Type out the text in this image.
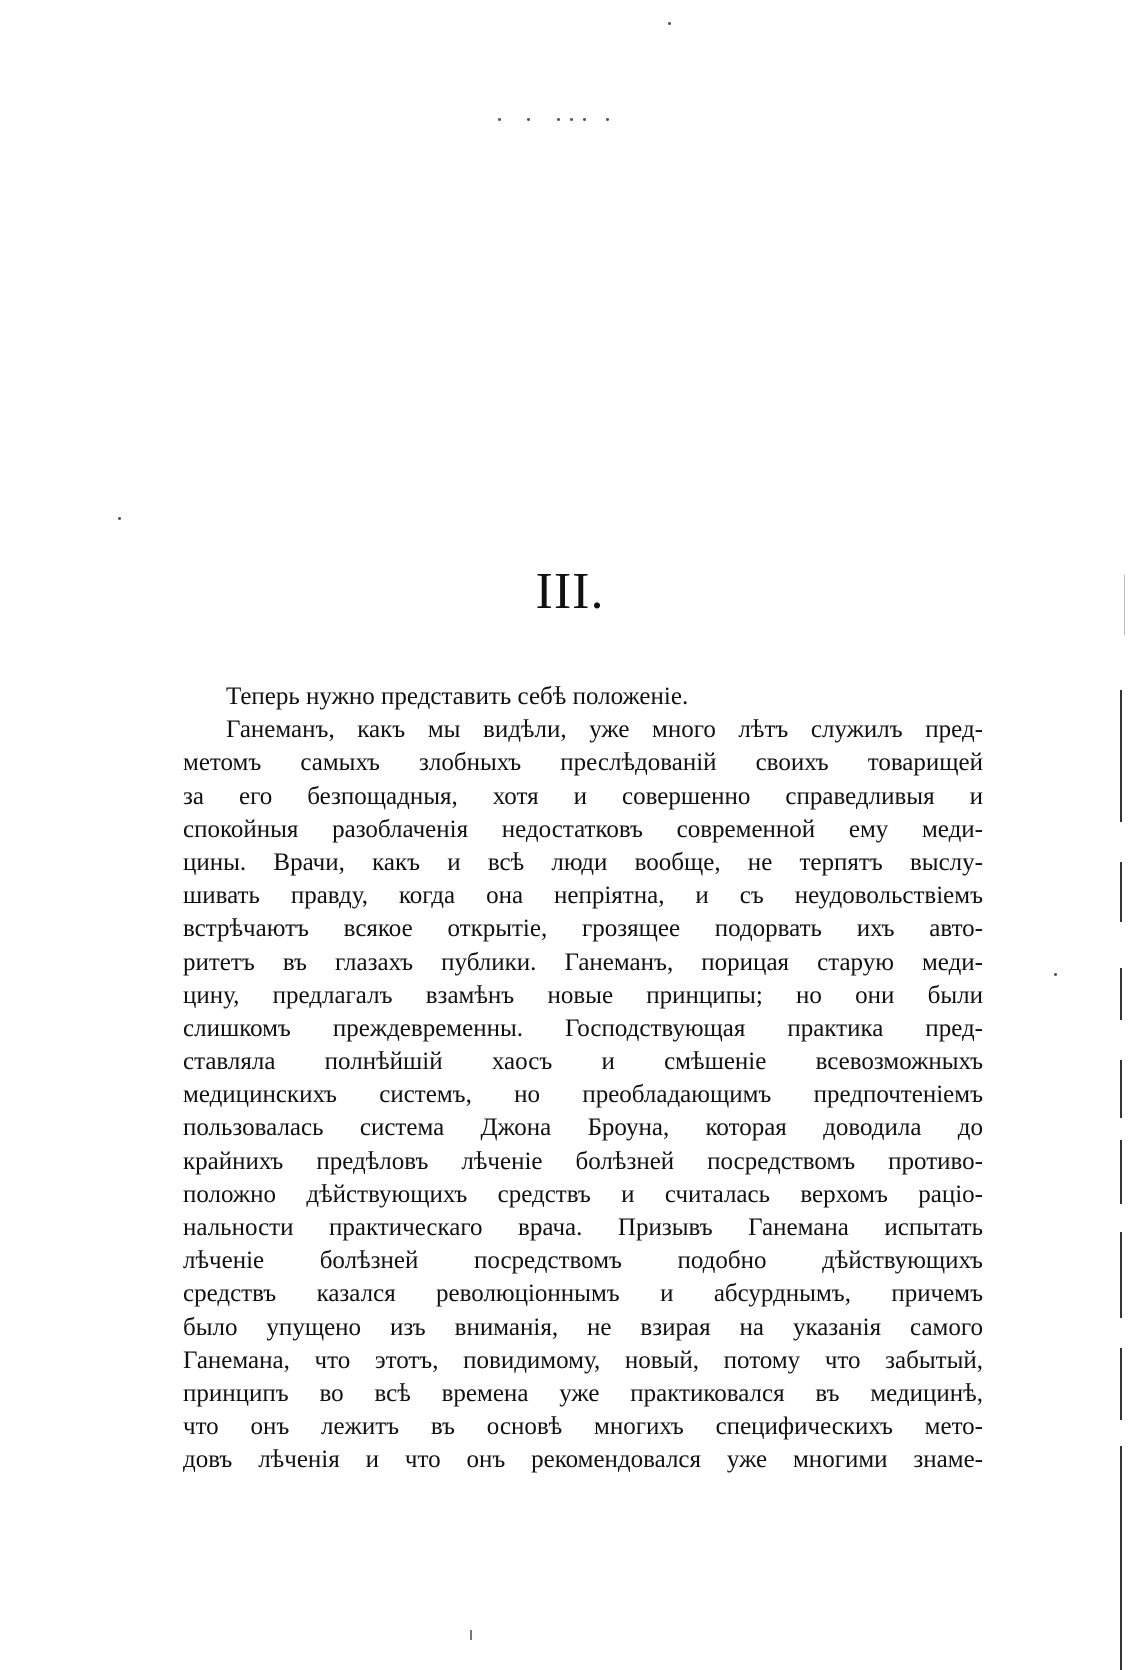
III.
Теперь нужно представить себѣ положеніе.
Ганеманъ, какъ мы видѣли, уже много лѣтъ служилъ пред-
метомъ самыхъ злобныхъ преслѣдованій своихъ товарищей
за его безпощадныя, хотя и совершенно справедливыя и
спокойныя разоблаченія недостатковъ современной ему меди-
цины. Врачи, какъ и всѣ люди вообще, не терпятъ выслу-
шивать правду, когда она непріятна, и съ неудовольствіемъ
встрѣчаютъ всякое открытіе, грозящее подорвать ихъ авто-
ритетъ въ глазахъ публики. Ганеманъ, порицая старую меди-
цину, предлагалъ взамѣнъ новые принципы; но они были
слишкомъ преждевременны. Господствующая практика пред-
ставляла полнѣйшій хаосъ и смѣшеніе всевозможныхъ
медицинскихъ системъ, но преобладающимъ предпочтеніемъ
пользовалась система Джона Броуна, которая доводила до
крайнихъ предѣловъ лѣченіе болѣзней посредствомъ противо-
положно дѣйствующихъ средствъ и считалась верхомъ раціо-
нальности практическаго врача. Призывъ Ганемана испытать
лѣченіе болѣзней посредствомъ подобно дѣйствующихъ
средствъ казался революціоннымъ и абсурднымъ, причемъ
было упущено изъ вниманія, не взирая на указанія самого
Ганемана, что этотъ, повидимому, новый, потому что забытый,
принципъ во всѣ времена уже практиковался въ медицинѣ,
что онъ лежитъ въ основѣ многихъ специфическихъ мето-
довъ лѣченія и что онъ рекомендовался уже многими знаме-
